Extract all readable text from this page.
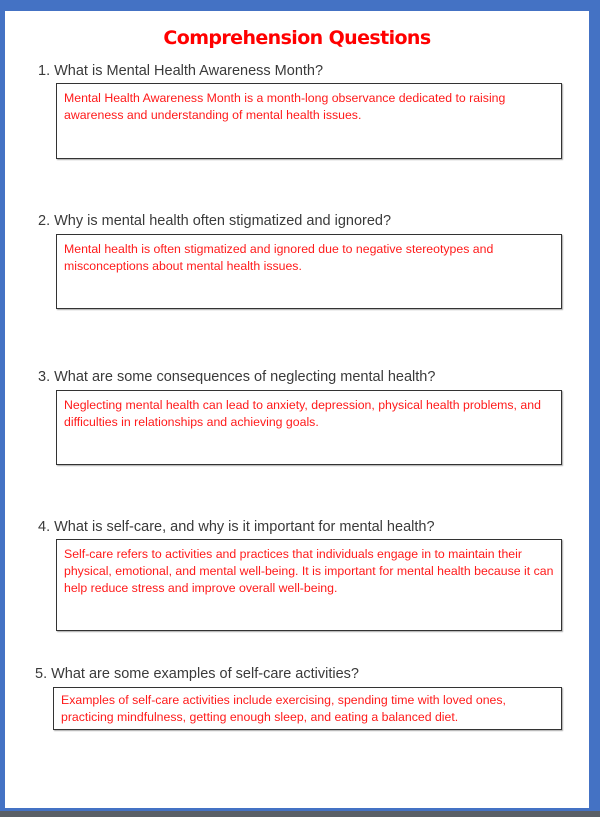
Comprehension Questions
1. What is Mental Health Awareness Month?

Mental Health Awareness Month is a month-long observance dedicated to raising awareness and understanding of mental health issues.

2. Why is mental health often stigmatized and ignored?

Mental health is often stigmatized and ignored due to negative stereotypes and misconceptions about mental health issues.

3. What are some consequences of neglecting mental health?

Neglecting mental health can lead to anxiety, depression, physical health problems, and difficulties in relationships and achieving goals.

4. What is self-care, and why is it important for mental health?

Self-care refers to activities and practices that individuals engage in to maintain their physical, emotional, and mental well-being. It is important for mental health because it can help reduce stress and improve overall well-being.

5. What are some examples of self-care activities?

Examples of self-care activities include exercising, spending time with loved ones, practicing mindfulness, getting enough sleep, and eating a balanced diet.
